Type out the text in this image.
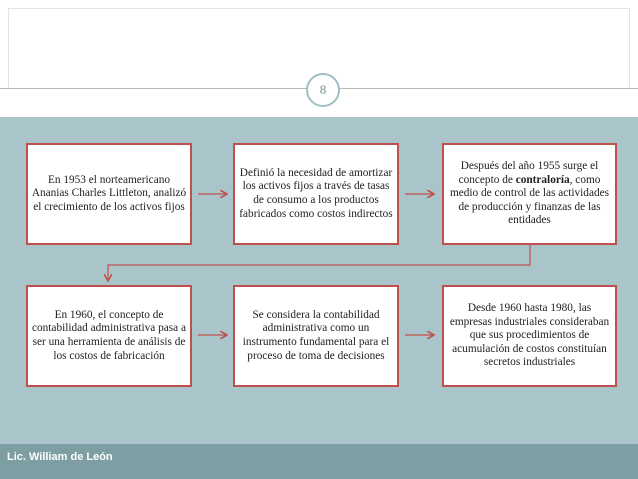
Lic. William de León
8
En 1953 el norteamericano Ananias Charles Littleton, analizó el crecimiento de los activos fijos
Definió la necesidad de amortizar los activos fijos a través de tasas de consumo a los productos fabricados como costos indirectos
Después del año 1955 surge el concepto de contraloría, como medio de control de las actividades de producción y finanzas de las entidades
En 1960, el concepto de contabilidad administrativa pasa a ser una herramienta de análisis de los costos de fabricación
Se considera la contabilidad administrativa como un instrumento fundamental para el proceso de toma de decisiones
Desde 1960 hasta 1980, las empresas industriales consideraban que sus procedimientos de acumulación de costos constituían secretos industriales
